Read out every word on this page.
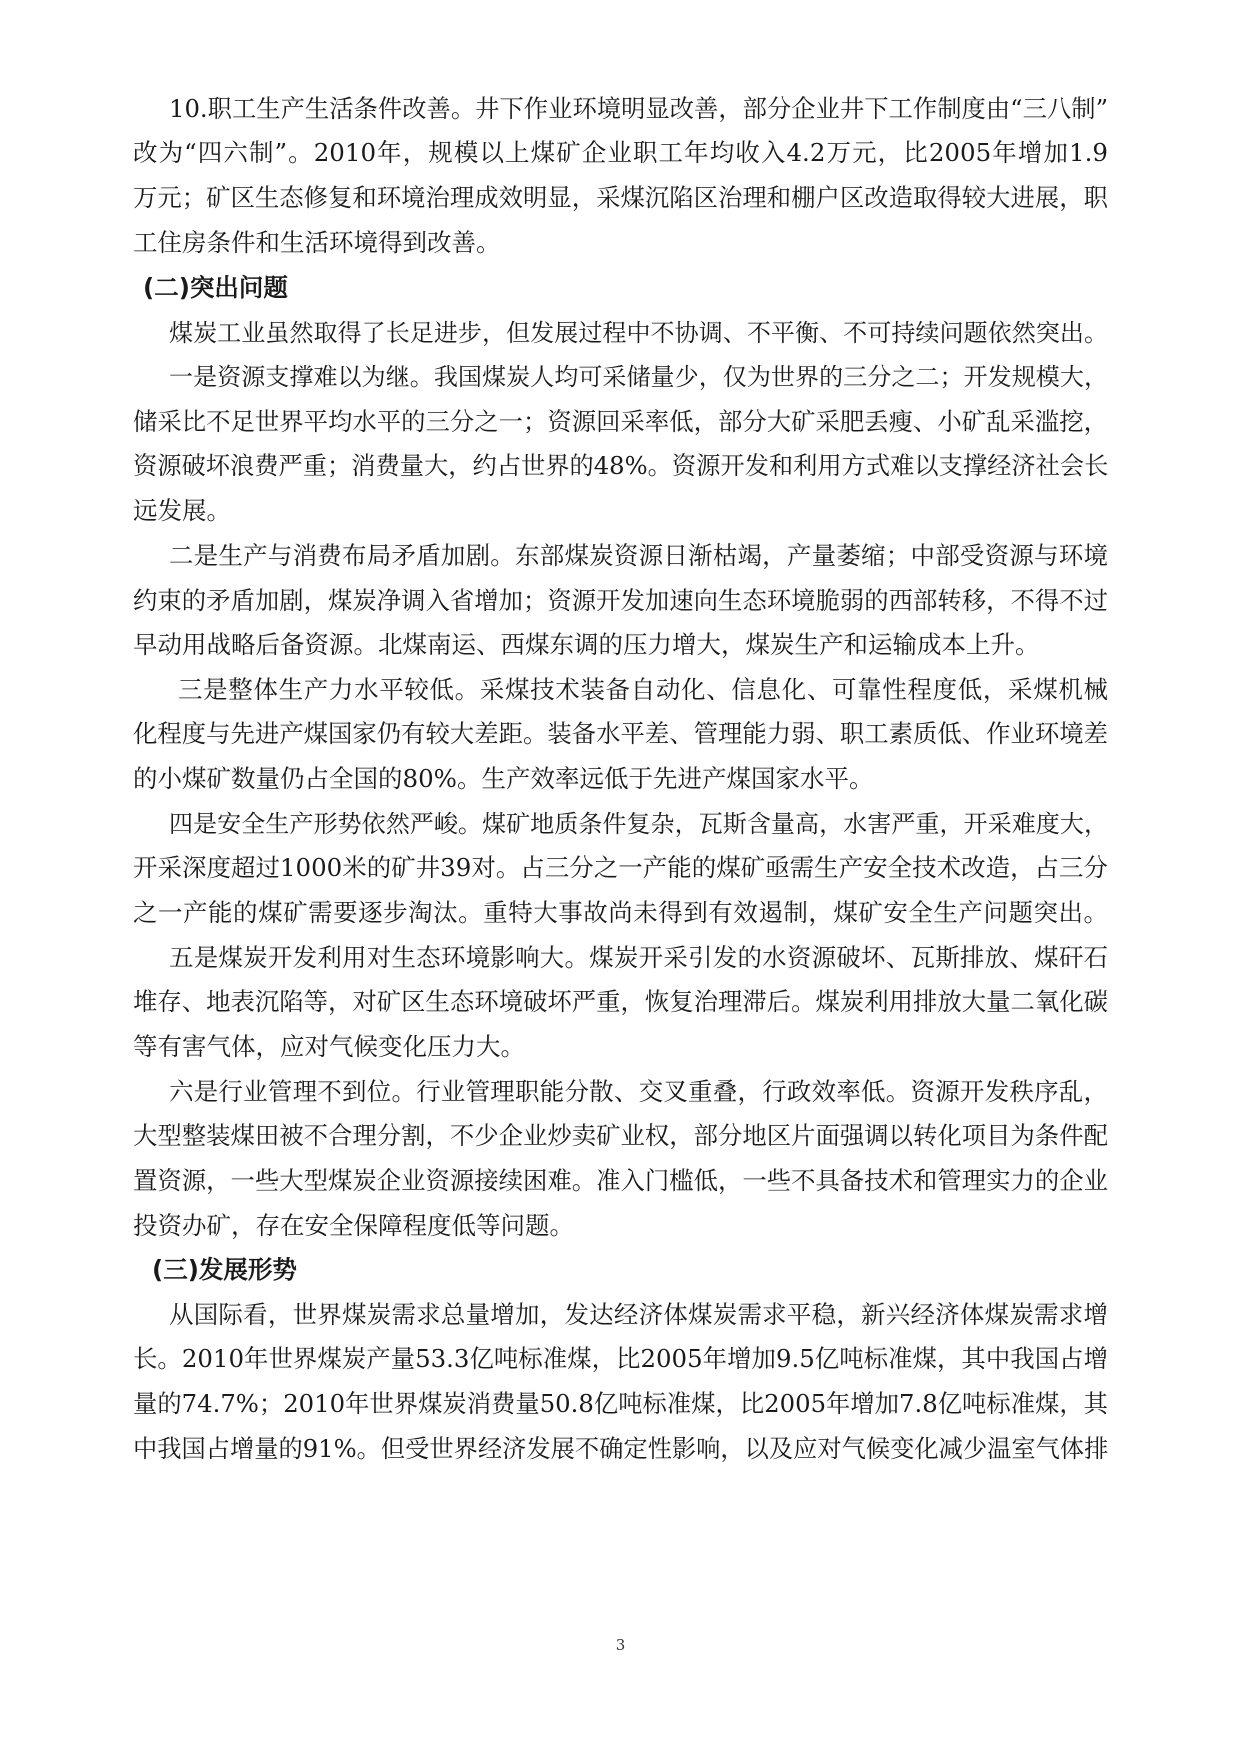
10.职工生产生活条件改善。井下作业环境明显改善，部分企业井下工作制度由“三八制”
改为“四六制”。2010年，规模以上煤矿企业职工年均收入4.2万元，比2005年增加1.9
万元；矿区生态修复和环境治理成效明显，采煤沉陷区治理和棚户区改造取得较大进展，职
工住房条件和生活环境得到改善。
(二)突出问题
煤炭工业虽然取得了长足进步，但发展过程中不协调、不平衡、不可持续问题依然突出。
一是资源支撑难以为继。我国煤炭人均可采储量少，仅为世界的三分之二；开发规模大，
储采比不足世界平均水平的三分之一；资源回采率低，部分大矿采肥丢瘦、小矿乱采滥挖，
资源破坏浪费严重；消费量大，约占世界的48%。资源开发和利用方式难以支撑经济社会长
远发展。
二是生产与消费布局矛盾加剧。东部煤炭资源日渐枯竭，产量萎缩；中部受资源与环境
约束的矛盾加剧，煤炭净调入省增加；资源开发加速向生态环境脆弱的西部转移，不得不过
早动用战略后备资源。北煤南运、西煤东调的压力增大，煤炭生产和运输成本上升。
三是整体生产力水平较低。采煤技术装备自动化、信息化、可靠性程度低，采煤机械
化程度与先进产煤国家仍有较大差距。装备水平差、管理能力弱、职工素质低、作业环境差
的小煤矿数量仍占全国的80%。生产效率远低于先进产煤国家水平。
四是安全生产形势依然严峻。煤矿地质条件复杂，瓦斯含量高，水害严重，开采难度大，
开采深度超过1000米的矿井39对。占三分之一产能的煤矿亟需生产安全技术改造，占三分
之一产能的煤矿需要逐步淘汰。重特大事故尚未得到有效遏制，煤矿安全生产问题突出。
五是煤炭开发利用对生态环境影响大。煤炭开采引发的水资源破坏、瓦斯排放、煤矸石
堆存、地表沉陷等，对矿区生态环境破坏严重，恢复治理滞后。煤炭利用排放大量二氧化碳
等有害气体，应对气候变化压力大。
六是行业管理不到位。行业管理职能分散、交叉重叠，行政效率低。资源开发秩序乱，
大型整装煤田被不合理分割，不少企业炒卖矿业权，部分地区片面强调以转化项目为条件配
置资源，一些大型煤炭企业资源接续困难。准入门槛低，一些不具备技术和管理实力的企业
投资办矿，存在安全保障程度低等问题。
(三)发展形势
从国际看，世界煤炭需求总量增加，发达经济体煤炭需求平稳，新兴经济体煤炭需求增
长。2010年世界煤炭产量53.3亿吨标准煤，比2005年增加9.5亿吨标准煤，其中我国占增
量的74.7%；2010年世界煤炭消费量50.8亿吨标准煤，比2005年增加7.8亿吨标准煤，其
中我国占增量的91%。但受世界经济发展不确定性影响，以及应对气候变化减少温室气体排
3
